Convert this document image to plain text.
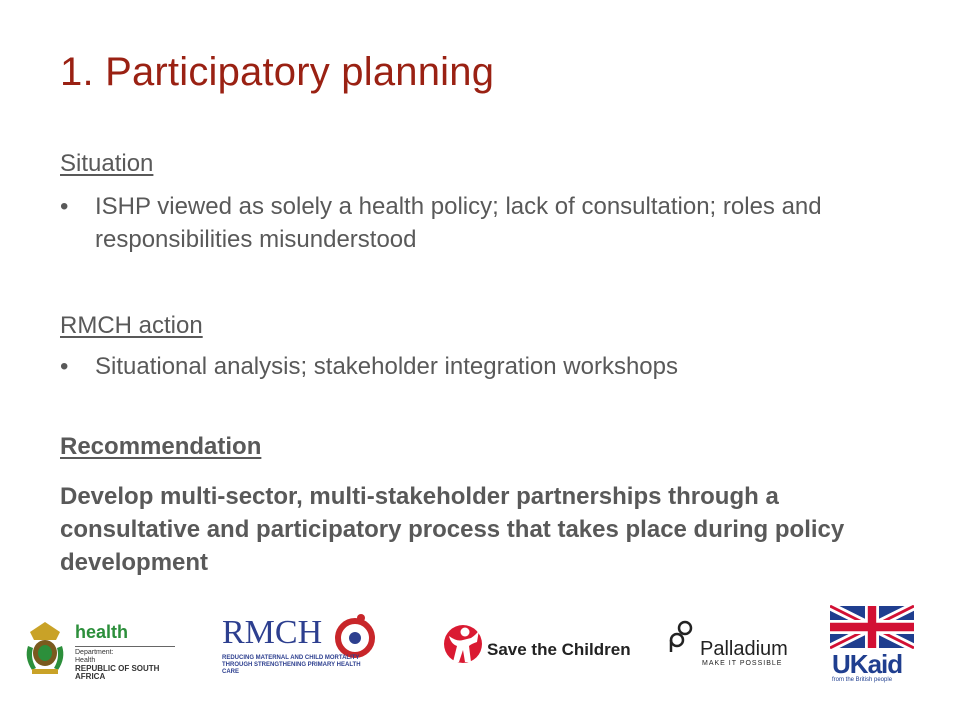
1. Participatory planning
Situation
• ISHP viewed as solely a health policy; lack of consultation; roles and responsibilities misunderstood
RMCH action
• Situational analysis; stakeholder integration workshops
Recommendation
Develop multi-sector, multi-stakeholder partnerships through a consultative and participatory process that takes place during policy development
health
Department:
Health
REPUBLIC OF SOUTH AFRICA
RMCH
REDUCING MATERNAL AND CHILD MORTALITY
THROUGH STRENGTHENING PRIMARY HEALTH CARE
Save the Children	Palladium
MAKE IT POSSIBLE UKaid
from the British people
